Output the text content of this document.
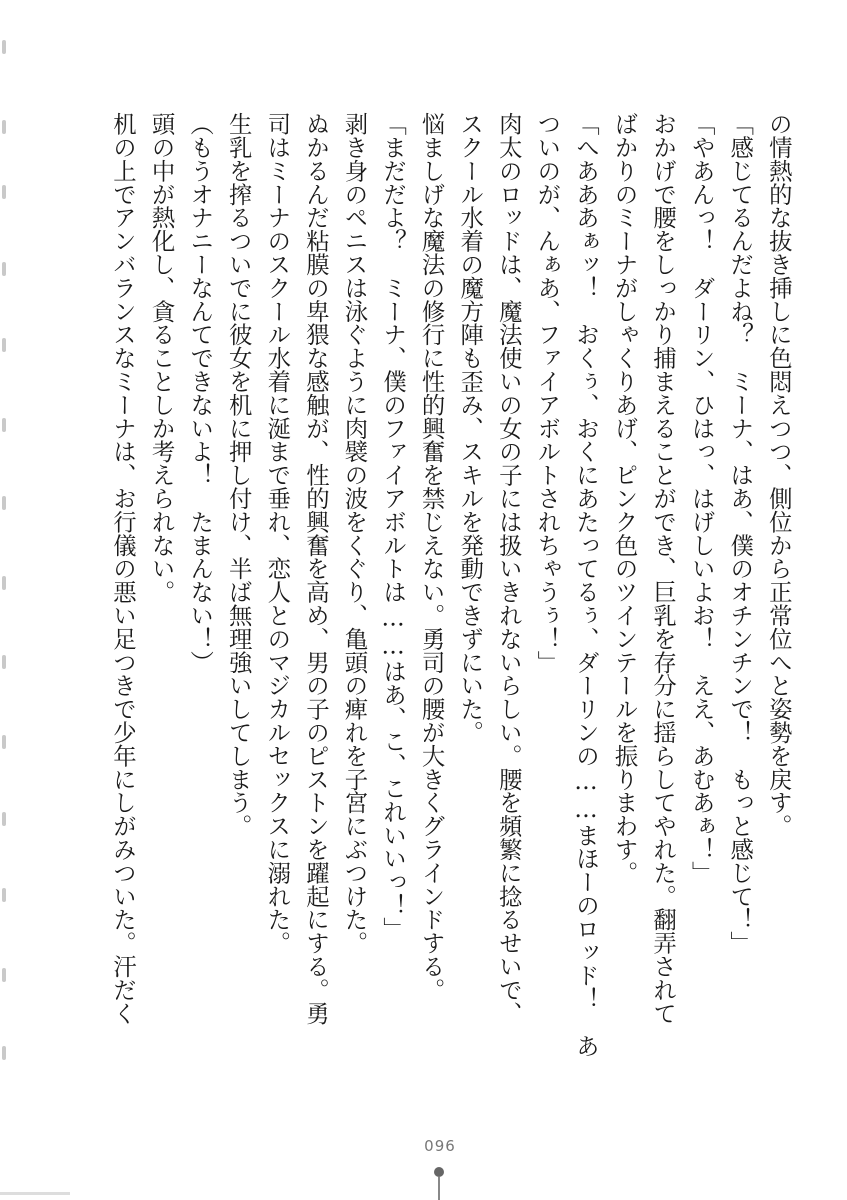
の情熱的な抜き挿しに色悶えつつ、側位から正常位へと姿勢を戻す。
「感じてるんだよね？　ミーナ、はあ、僕のオチンチンで！　もっと感じて！」
「やあんっ！　ダーリン、ひはっ、はげしいよお！　ええ、あむあぁ！」
おかげで腰をしっかり捕まえることができ、巨乳を存分に揺らしてやれた。翻弄されて
ばかりのミーナがしゃくりあげ、ピンク色のツインテールを振りまわす。
「へあああぁッ！　おくぅ、おくにあたってるぅ、ダーリンの……まほーのロッド！　あ
ついのが、んぁあ、ファイアボルトされちゃうぅ！」
肉太のロッドは、魔法使いの女の子には扱いきれないらしい。腰を頻繁に捻るせいで、
スクール水着の魔方陣も歪み、スキルを発動できずにいた。
悩ましげな魔法の修行に性的興奮を禁じえない。勇司の腰が大きくグラインドする。
「まだだよ？　ミーナ、僕のファイアボルトは……はあ、こ、これいいっ！」
剥き身のペニスは泳ぐように肉襞の波をくぐり、亀頭の痺れを子宮にぶつけた。
ぬかるんだ粘膜の卑猥な感触が、性的興奮を高め、男の子のピストンを躍起にする。勇
司はミーナのスクール水着に涎まで垂れ、恋人とのマジカルセックスに溺れた。
生乳を搾るついでに彼女を机に押し付け、半ば無理強いしてしまう。
（もうオナニーなんてできないよ！　たまんない！）
頭の中が熱化し、貪ることしか考えられない。
机の上でアンバランスなミーナは、お行儀の悪い足つきで少年にしがみついた。汗だく
096
